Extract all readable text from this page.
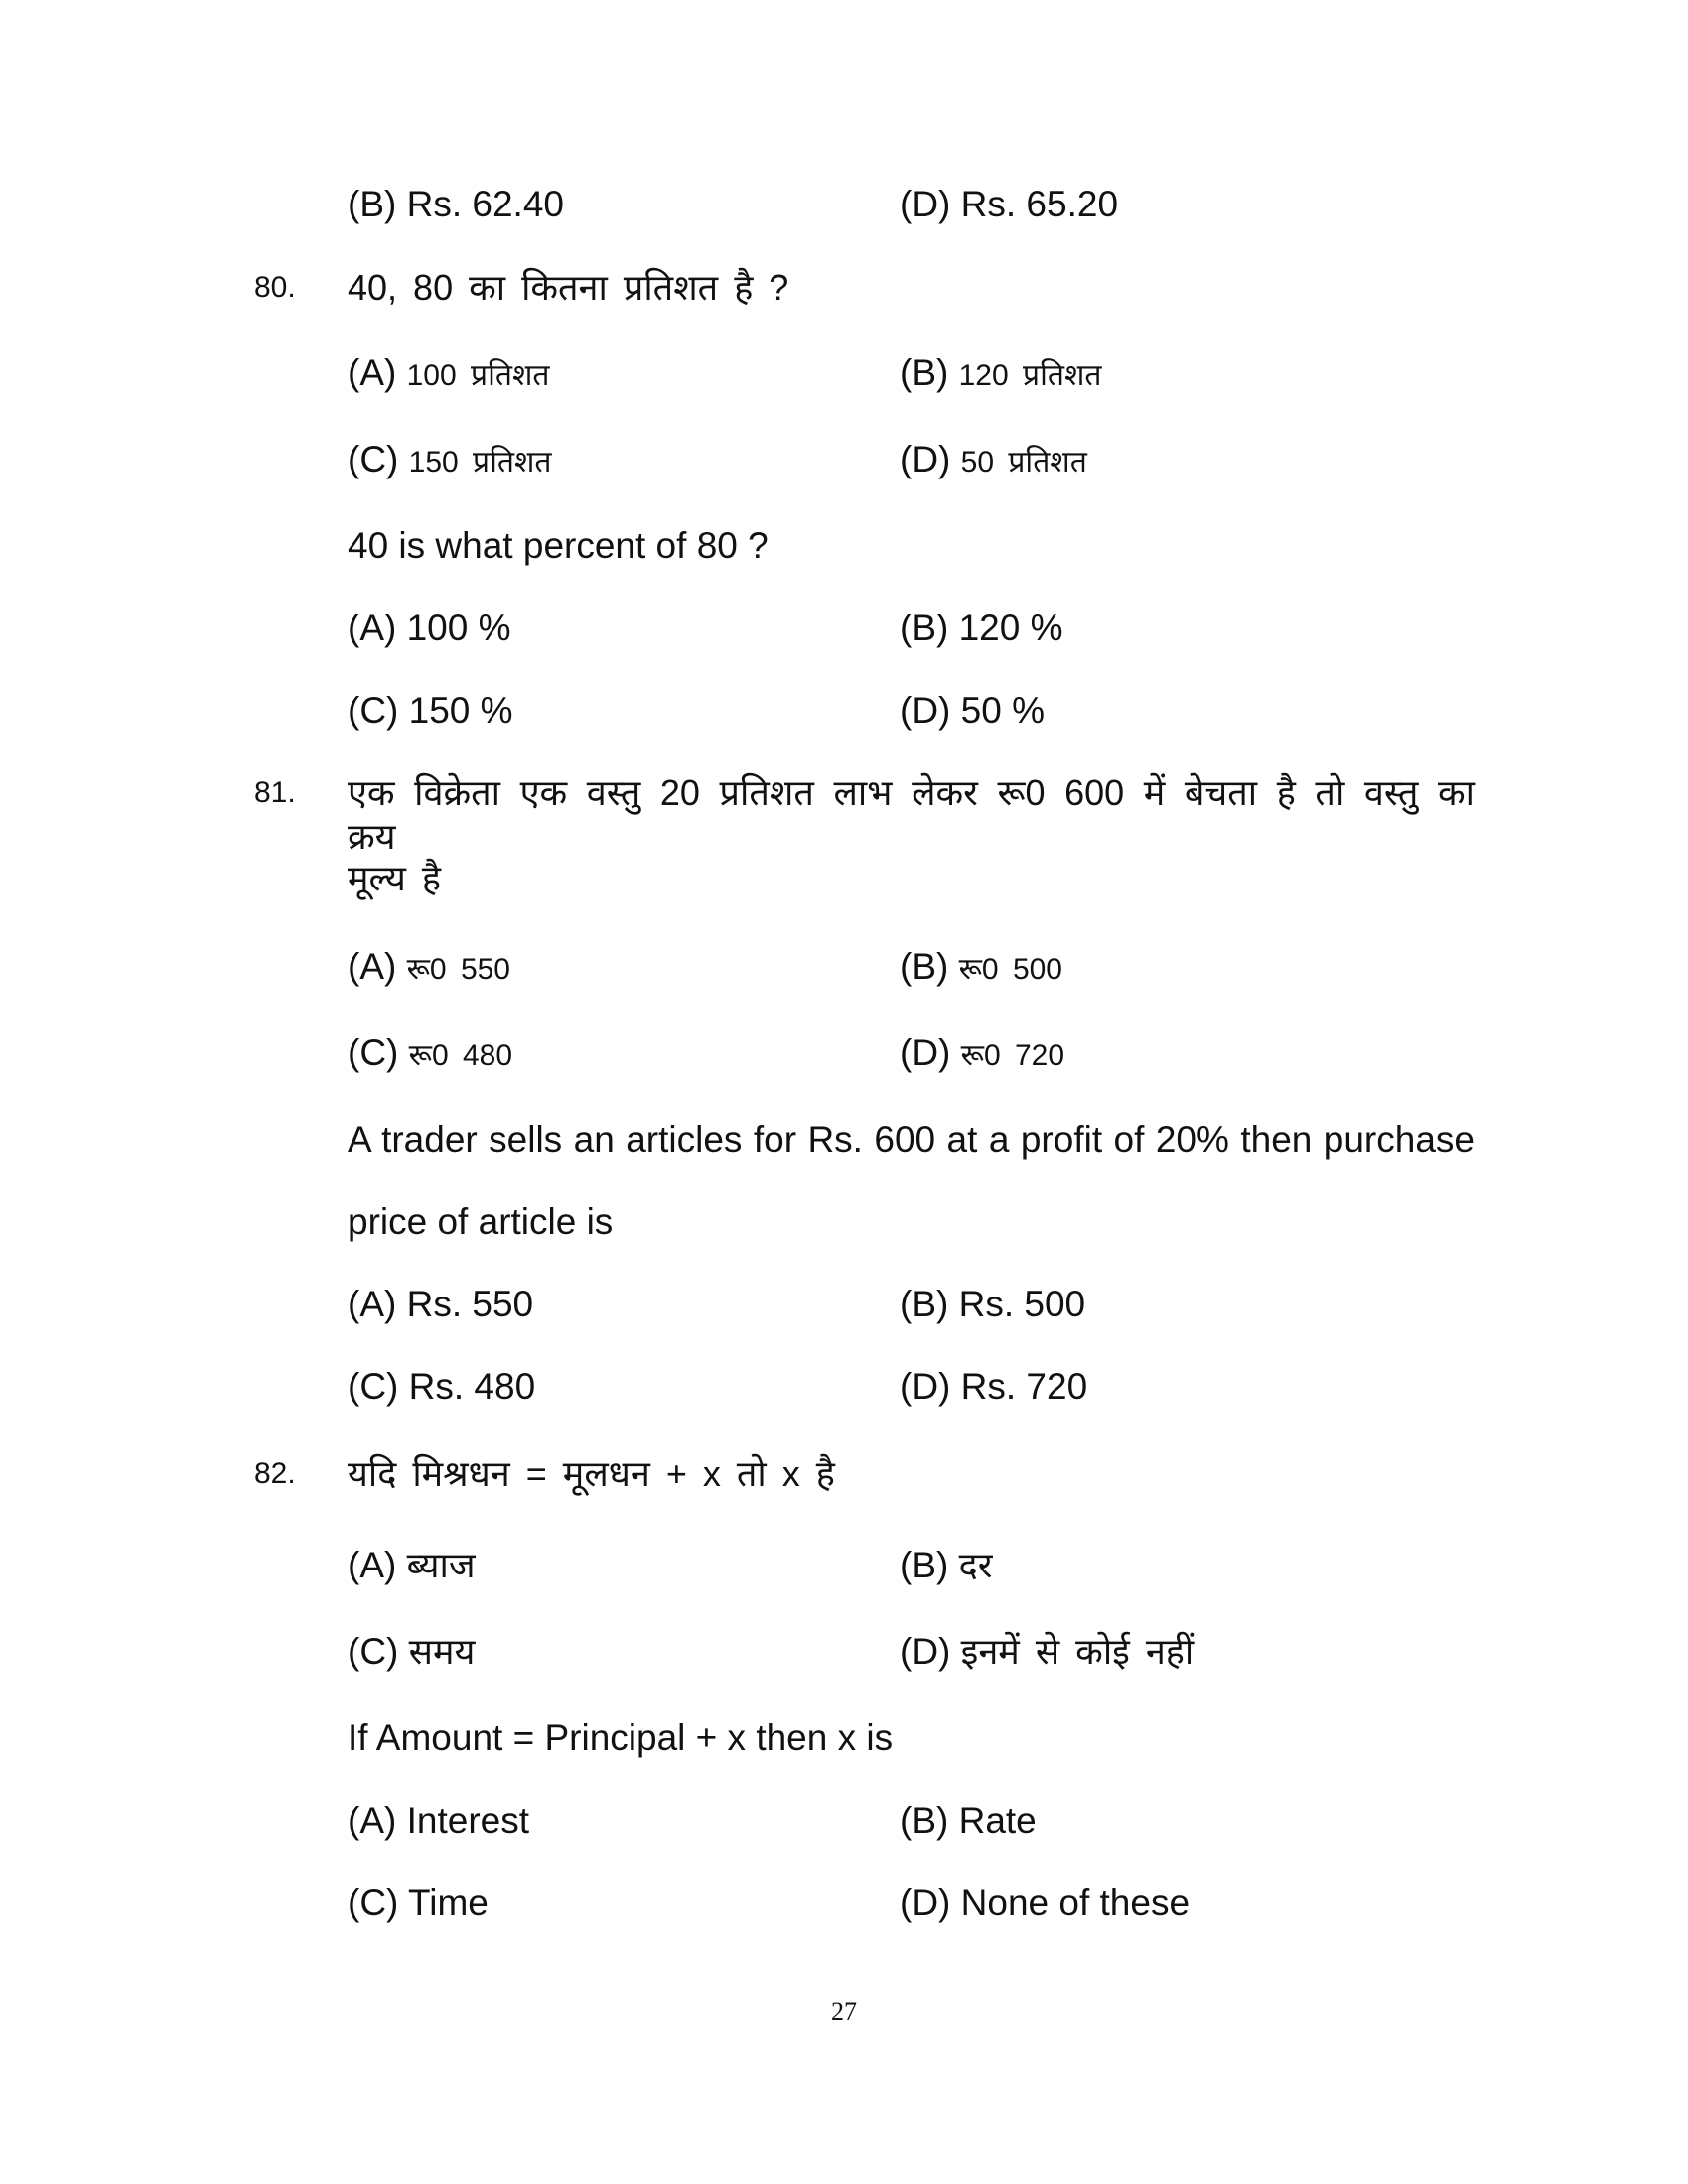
(B) Rs. 62.40	(D) Rs. 65.20
80. 40, 80 का कितना प्रतिशत है ?
(A) 100 प्रतिशत	(B) 120 प्रतिशत
(C) 150 प्रतिशत	(D) 50 प्रतिशत
40 is what percent of 80 ?
(A) 100 %	(B) 120 %
(C) 150 %	(D) 50 %
81. एक विक्रेता एक वस्तु 20 प्रतिशत लाभ लेकर रू0 600 में बेचता है तो वस्तु का क्रय
मूल्य है
(A) रू0 550	(B) रू0 500
(C) रू0 480	(D) रू0 720
A trader sells an articles for Rs. 600 at a profit of 20% then purchase
price of article is
(A) Rs. 550	(B) Rs. 500
(C) Rs. 480	(D) Rs. 720
82. यदि मिश्रधन = मूलधन + x तो x है
(A) ब्याज	(B) दर
(C) समय	(D) इनमें से कोई नहीं
If Amount = Principal + x then x is
(A) Interest	(B) Rate
(C) Time	(D) None of these
27
